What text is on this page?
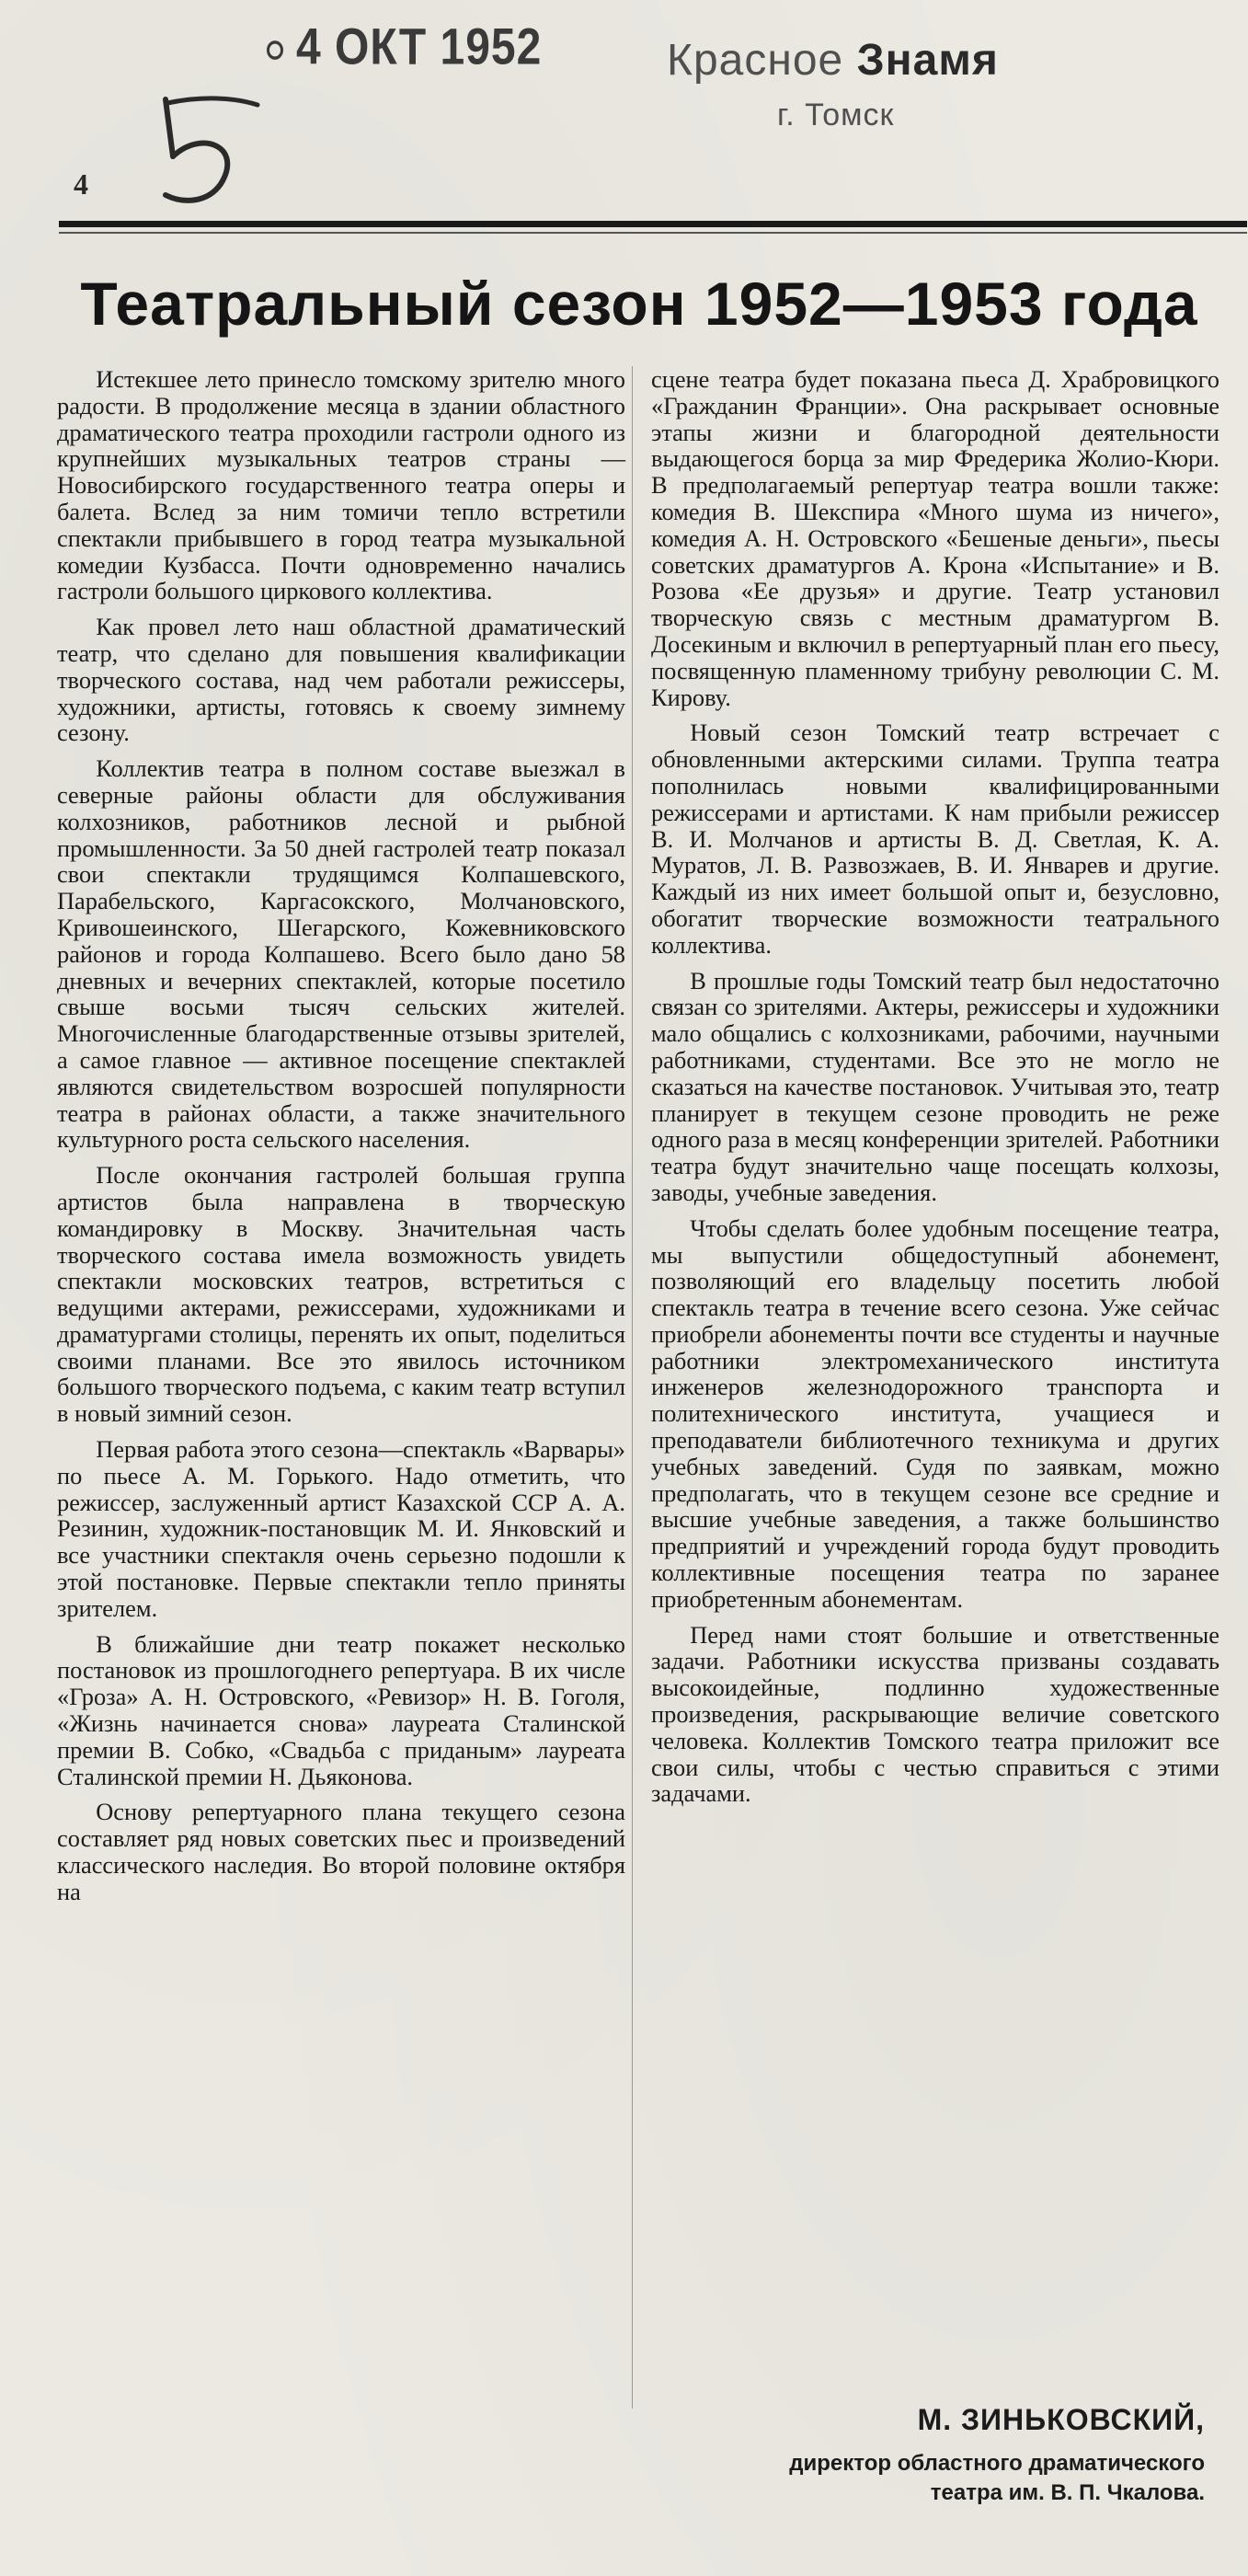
4 ОКТ 1952	Красное Знамя
г. Томск
4
Театральный сезон 1952—1953 года

Истекшее лето принесло томскому зрителю много радости. В продолжение месяца в здании областного драматического театра проходили гастроли одного из крупнейших музыкальных театров страны — Новосибирского государственного театра оперы и балета. Вслед за ним томичи тепло встретили спектакли прибывшего в город театра музыкальной комедии Кузбасса. Почти одновременно начались гастроли большого циркового коллектива.

Как провел лето наш областной драматический театр, что сделано для повышения квалификации творческого состава, над чем работали режиссеры, художники, артисты, готовясь к своему зимнему сезону.

Коллектив театра в полном составе выезжал в северные районы области для обслуживания колхозников, работников лесной и рыбной промышленности. За 50 дней гастролей театр показал свои спектакли трудящимся Колпашевского, Парабельского, Каргасокского, Молчановского, Кривошеинского, Шегарского, Кожевниковского районов и города Колпашево. Всего было дано 58 дневных и вечерних спектаклей, которые посетило свыше восьми тысяч сельских жителей. Многочисленные благодарственные отзывы зрителей, а самое главное — активное посещение спектаклей являются свидетельством возросшей популярности театра в районах области, а также значительного культурного роста сельского населения.

После окончания гастролей большая группа артистов была направлена в творческую командировку в Москву. Значительная часть творческого состава имела возможность увидеть спектакли московских театров, встретиться с ведущими актерами, режиссерами, художниками и драматургами столицы, перенять их опыт, поделиться своими планами. Все это явилось источником большого творческого подъема, с каким театр вступил в новый зимний сезон.

Первая работа этого сезона—спектакль «Варвары» по пьесе А. М. Горького. Надо отметить, что режиссер, заслуженный артист Казахской ССР А. А. Резинин, художник-постановщик М. И. Янковский и все участники спектакля очень серьезно подошли к этой постановке. Первые спектакли тепло приняты зрителем.

В ближайшие дни театр покажет несколько постановок из прошлогоднего репертуара. В их числе «Гроза» А. Н. Островского, «Ревизор» Н. В. Гоголя, «Жизнь начинается снова» лауреата Сталинской премии В. Собко, «Свадьба с приданым» лауреата Сталинской премии Н. Дьяконова.

Основу репертуарного плана текущего сезона составляет ряд новых советских пьес и произведений классического наследия. Во второй половине октября на

сцене театра будет показана пьеса Д. Храбровицкого «Гражданин Франции». Она раскрывает основные этапы жизни и благородной деятельности выдающегося борца за мир Фредерика Жолио-Кюри. В предполагаемый репертуар театра вошли также: комедия В. Шекспира «Много шума из ничего», комедия А. Н. Островского «Бешеные деньги», пьесы советских драматургов А. Крона «Испытание» и В. Розова «Ее друзья» и другие. Театр установил творческую связь с местным драматургом В. Досекиным и включил в репертуарный план его пьесу, посвященную пламенному трибуну революции С. М. Кирову.

Новый сезон Томский театр встречает с обновленными актерскими силами. Труппа театра пополнилась новыми квалифицированными режиссерами и артистами. К нам прибыли режиссер В. И. Молчанов и артисты В. Д. Светлая, К. А. Муратов, Л. В. Развозжаев, В. И. Январев и другие. Каждый из них имеет большой опыт и, безусловно, обогатит творческие возможности театрального коллектива.

В прошлые годы Томский театр был недостаточно связан со зрителями. Актеры, режиссеры и художники мало общались с колхозниками, рабочими, научными работниками, студентами. Все это не могло не сказаться на качестве постановок. Учитывая это, театр планирует в текущем сезоне проводить не реже одного раза в месяц конференции зрителей. Работники театра будут значительно чаще посещать колхозы, заводы, учебные заведения.

Чтобы сделать более удобным посещение театра, мы выпустили общедоступный абонемент, позволяющий его владельцу посетить любой спектакль театра в течение всего сезона. Уже сейчас приобрели абонементы почти все студенты и научные работники электромеханического института инженеров железнодорожного транспорта и политехнического института, учащиеся и преподаватели библиотечного техникума и других учебных заведений. Судя по заявкам, можно предполагать, что в текущем сезоне все средние и высшие учебные заведения, а также большинство предприятий и учреждений города будут проводить коллективные посещения театра по заранее приобретенным абонементам.

Перед нами стоят большие и ответственные задачи. Работники искусства призваны создавать высокоидейные, подлинно художественные произведения, раскрывающие величие советского человека. Коллектив Томского театра приложит все свои силы, чтобы с честью справиться с этими задачами.

М. ЗИНЬКОВСКИЙ,
директор областного драматического
театра им. В. П. Чкалова.
